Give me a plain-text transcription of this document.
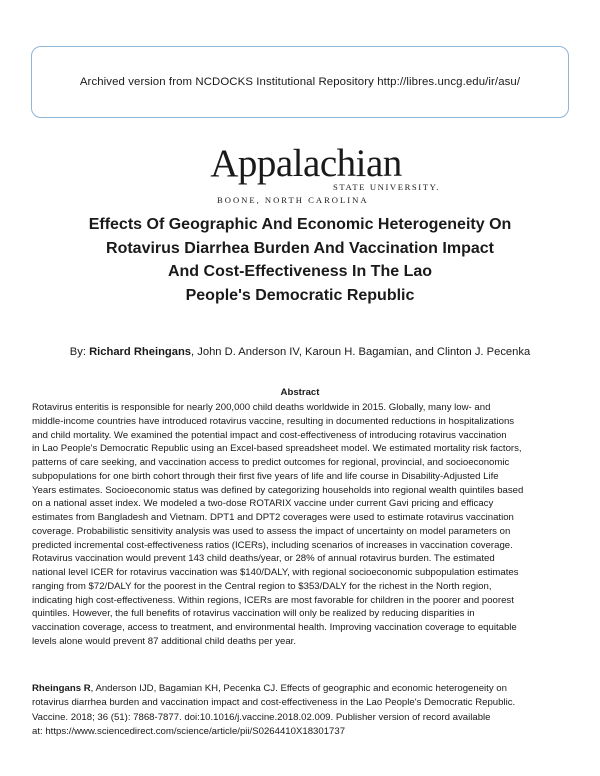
Archived version from NCDOCKS Institutional Repository http://libres.uncg.edu/ir/asu/
Appalachian
STATE UNIVERSITY.
BOONE, NORTH CAROLINA
Effects Of Geographic And Economic Heterogeneity On
Rotavirus Diarrhea Burden And Vaccination Impact
And Cost-Effectiveness In The Lao
People's Democratic Republic
By: Richard Rheingans, John D. Anderson IV, Karoun H. Bagamian, and Clinton J. Pecenka
Abstract
Rotavirus enteritis is responsible for nearly 200,000 child deaths worldwide in 2015. Globally, many low- and
middle-income countries have introduced rotavirus vaccine, resulting in documented reductions in hospitalizations
and child mortality. We examined the potential impact and cost-effectiveness of introducing rotavirus vaccination
in Lao People's Democratic Republic using an Excel-based spreadsheet model. We estimated mortality risk factors,
patterns of care seeking, and vaccination access to predict outcomes for regional, provincial, and socioeconomic
subpopulations for one birth cohort through their first five years of life and life course in Disability-Adjusted Life
Years estimates. Socioeconomic status was defined by categorizing households into regional wealth quintiles based
on a national asset index. We modeled a two-dose ROTARIX vaccine under current Gavi pricing and efficacy
estimates from Bangladesh and Vietnam. DPT1 and DPT2 coverages were used to estimate rotavirus vaccination
coverage. Probabilistic sensitivity analysis was used to assess the impact of uncertainty on model parameters on
predicted incremental cost-effectiveness ratios (ICERs), including scenarios of increases in vaccination coverage.
Rotavirus vaccination would prevent 143 child deaths/year, or 28% of annual rotavirus burden. The estimated
national level ICER for rotavirus vaccination was $140/DALY, with regional socioeconomic subpopulation estimates
ranging from $72/DALY for the poorest in the Central region to $353/DALY for the richest in the North region,
indicating high cost-effectiveness. Within regions, ICERs are most favorable for children in the poorer and poorest
quintiles. However, the full benefits of rotavirus vaccination will only be realized by reducing disparities in
vaccination coverage, access to treatment, and environmental health. Improving vaccination coverage to equitable
levels alone would prevent 87 additional child deaths per year.
Rheingans R, Anderson IJD, Bagamian KH, Pecenka CJ. Effects of geographic and economic heterogeneity on
rotavirus diarrhea burden and vaccination impact and cost-effectiveness in the Lao People's Democratic Republic.
Vaccine. 2018; 36 (51): 7868-7877. doi:10.1016/j.vaccine.2018.02.009. Publisher version of record available
at: https://www.sciencedirect.com/science/article/pii/S0264410X18301737
